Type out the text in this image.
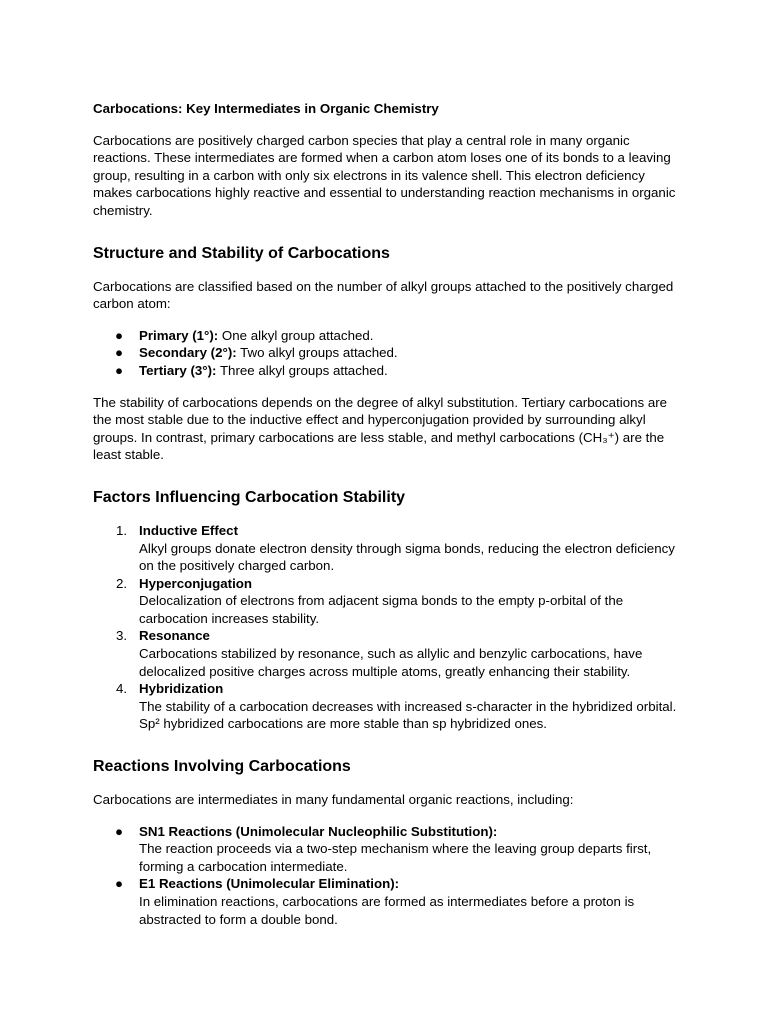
Carbocations: Key Intermediates in Organic Chemistry

Carbocations are positively charged carbon species that play a central role in many organic reactions. These intermediates are formed when a carbon atom loses one of its bonds to a leaving group, resulting in a carbon with only six electrons in its valence shell. This electron deficiency makes carbocations highly reactive and essential to understanding reaction mechanisms in organic chemistry.

Structure and Stability of Carbocations

Carbocations are classified based on the number of alkyl groups attached to the positively charged carbon atom:

● Primary (1°): One alkyl group attached.
● Secondary (2°): Two alkyl groups attached.
● Tertiary (3°): Three alkyl groups attached.

The stability of carbocations depends on the degree of alkyl substitution. Tertiary carbocations are the most stable due to the inductive effect and hyperconjugation provided by surrounding alkyl groups. In contrast, primary carbocations are less stable, and methyl carbocations (CH₃⁺) are the least stable.

Factors Influencing Carbocation Stability
1. Inductive Effect
Alkyl groups donate electron density through sigma bonds, reducing the electron deficiency on the positively charged carbon.
2. Hyperconjugation
Delocalization of electrons from adjacent sigma bonds to the empty p-orbital of the carbocation increases stability.
3. Resonance
Carbocations stabilized by resonance, such as allylic and benzylic carbocations, have delocalized positive charges across multiple atoms, greatly enhancing their stability.
4. Hybridization
The stability of a carbocation decreases with increased s-character in the hybridized orbital. Sp² hybridized carbocations are more stable than sp hybridized ones.
Reactions Involving Carbocations

Carbocations are intermediates in many fundamental organic reactions, including:

● SN1 Reactions (Unimolecular Nucleophilic Substitution):
The reaction proceeds via a two-step mechanism where the leaving group departs first, forming a carbocation intermediate.
● E1 Reactions (Unimolecular Elimination):
In elimination reactions, carbocations are formed as intermediates before a proton is abstracted to form a double bond.
